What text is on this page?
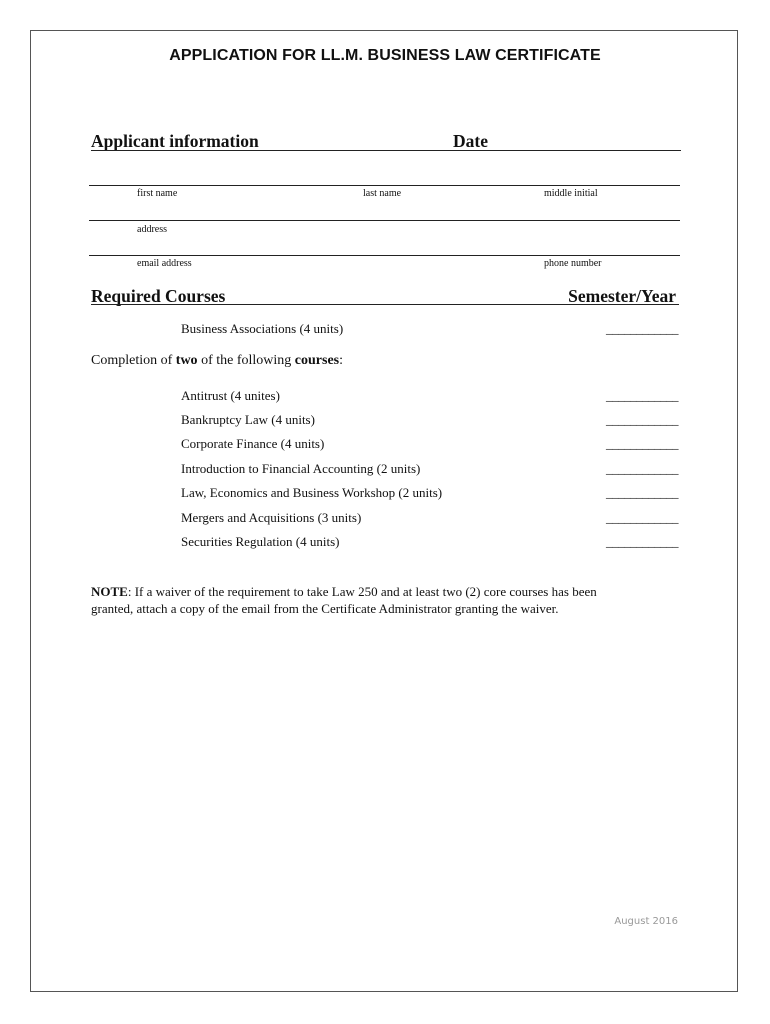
APPLICATION FOR LL.M. BUSINESS LAW CERTIFICATE
Applicant information	Date
first name	last name	middle initial
address
email address	phone number
Required Courses	Semester/Year
Business Associations (4 units)	____________
Completion of two of the following courses:
Antitrust (4 unites)	____________
Bankruptcy Law (4 units)	____________
Corporate Finance (4 units)	____________
Introduction to Financial Accounting (2 units)	____________
Law, Economics and Business Workshop (2 units)	____________
Mergers and Acquisitions (3 units)	____________
Securities Regulation (4 units)	____________
NOTE: If a waiver of the requirement to take Law 250 and at least two (2) core courses has been
granted, attach a copy of the email from the Certificate Administrator granting the waiver.
August 2016
